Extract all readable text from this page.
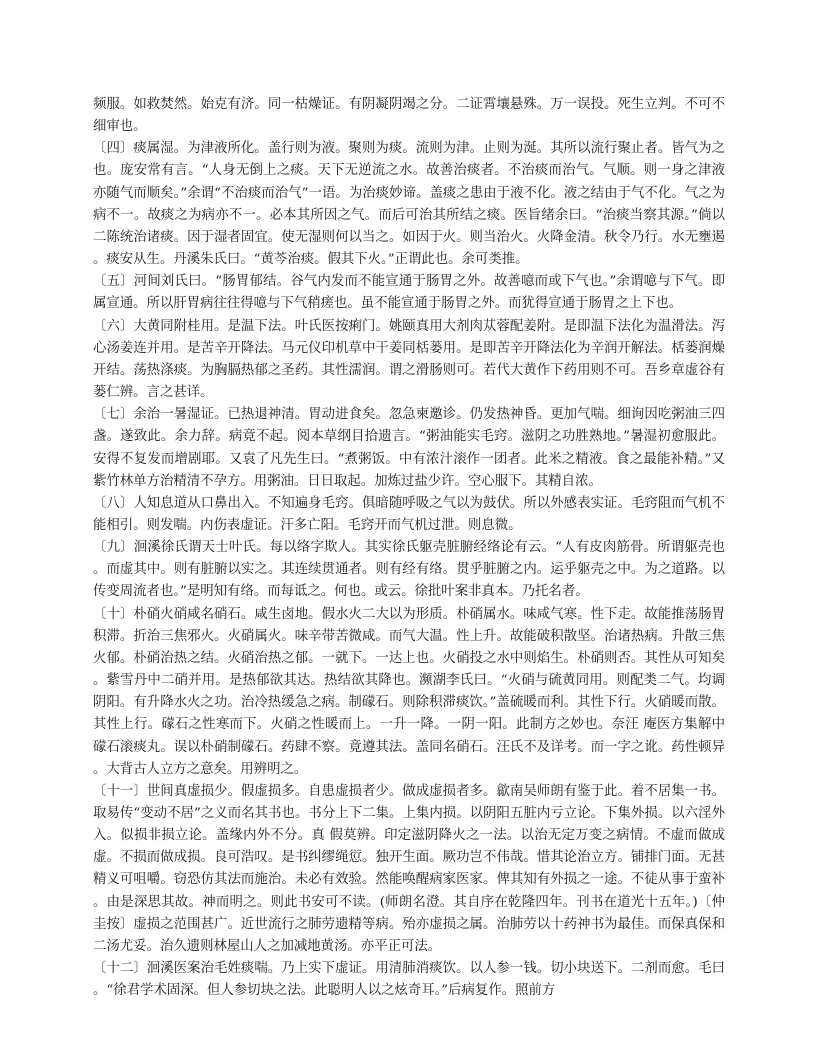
频服。如救焚然。始克有济。同一枯燥证。有阴凝阴竭之分。二证霄壤悬殊。万一误投。死生立判。不可不细审也。

〔四〕痰属湿。为津液所化。盖行则为液。聚则为痰。流则为津。止则为涎。其所以流行聚止者。皆气为之也。庞安常有言。“人身无倒上之痰。天下无逆流之水。故善治痰者。不治痰而治气。气顺。则一身之津液亦随气而顺矣。”余谓“不治痰而治气”一语。为治痰妙谛。盖痰之患由于液不化。液之结由于气不化。气之为病不一。故痰之为病亦不一。必本其所因之气。而后可治其所结之痰。医旨绪余曰。“治痰当察其源。”倘以二陈统治诸痰。因于湿者固宜。使无湿则何以当之。如因于火。则当治火。火降金清。秋令乃行。水无壅遏。痰安从生。丹溪朱氏曰。“黄芩治痰。假其下火。”正谓此也。余可类推。

〔五〕河间刘氏曰。“肠胃郁结。谷气内发而不能宣通于肠胃之外。故善噫而或下气也。”余谓噫与下气。即属宣通。所以肝胃病往往得噫与下气稍瘥也。虽不能宣通于肠胃之外。而犹得宣通于肠胃之上下也。

〔六〕大黄同附桂用。是温下法。叶氏医按痢门。姚颐真用大剂肉苁蓉配姜附。是即温下法化为温滑法。泻心汤姜连并用。是苦辛开降法。马元仪印机草中干姜同栝蒌用。是即苦辛开降法化为辛润开解法。栝蒌润燥开结。荡热涤痰。为胸膈热郁之圣药。其性濡润。谓之滑肠则可。若代大黄作下药用则不可。吾乡章虚谷有蒌仁辨。言之甚详。

〔七〕余治一暑湿证。已热退神清。胃动进食矣。忽急柬邀诊。仍发热神昏。更加气喘。细询因吃粥油三四盏。遂致此。余力辞。病竟不起。阅本草纲目拾遗言。“粥油能实毛窍。滋阴之功胜熟地。”暑湿初愈服此。安得不复发而增剧耶。又袁了凡先生曰。“煮粥饭。中有浓汁滚作一团者。此米之精液。食之最能补精。”又紫竹林单方治精清不孕方。用粥油。日日取起。加炼过盐少许。空心服下。其精自浓。

〔八〕人知息道从口鼻出入。不知遍身毛窍。俱暗随呼吸之气以为鼓伏。所以外感表实证。毛窍阻而气机不能相引。则发喘。内伤表虚证。汗多亡阳。毛窍开而气机过泄。则息微。

〔九〕洄溪徐氏谓天士叶氏。每以络字欺人。其实徐氏躯壳脏腑经络论有云。“人有皮肉筋骨。所谓躯壳也。而虚其中。则有脏腑以实之。其连续贯通者。则有经有络。贯乎脏腑之内。运乎躯壳之中。为之道路。以传变周流者也。”是明知有络。而每诋之。何也。或云。徐批叶案非真本。乃托名者。

〔十〕朴硝火硝咸名硝石。咸生卤地。假水火二大以为形质。朴硝属水。味咸气寒。性下走。故能推荡肠胃积滞。折治三焦邪火。火硝属火。味辛带苦微咸。而气大温。性上升。故能破积散坚。治诸热病。升散三焦火郁。朴硝治热之结。火硝治热之郁。一就下。一达上也。火硝投之水中则焰生。朴硝则否。其性从可知矣。紫雪丹中二硝并用。是热郁欲其达。热结欲其降也。濒湖李氏曰。“火硝与硫黄同用。则配类二气。均调阴阳。有升降水火之功。治冷热缓急之病。制礞石。则除积滞痰饮。”盖硫暖而利。其性下行。火硝暖而散。其性上行。礞石之性寒而下。火硝之性暖而上。一升一降。一阴一阳。此制方之妙也。奈汪 庵医方集解中礞石滚痰丸。误以朴硝制礞石。药肆不察。竟遵其法。盖同名硝石。汪氏不及详考。而一字之讹。药性顿异。大背古人立方之意矣。用辨明之。

〔十一〕世间真虚损少。假虚损多。自患虚损者少。做成虚损者多。歙南吴师朗有鉴于此。着不居集一书。取易传“变动不居”之义而名其书也。书分上下二集。上集内损。以阴阳五脏内亏立论。下集外损。以六淫外入。似损非损立论。盖缘内外不分。真 假莫辨。印定滋阴降火之一法。以治无定万变之病情。不虚而做成虚。不损而做成损。良可浩叹。是书纠缪绳愆。独开生面。厥功岂不伟哉。惜其论治立方。铺排门面。无甚精义可咀嚼。窃恐仿其法而施治。未必有效验。然能唤醒病家医家。俾其知有外损之一途。不徒从事于蛮补。由是深思其故。神而明之。则此书安可不读。(师朗名澄。其自序在乾隆四年。刊书在道光十五年。)〔仲圭按〕虚损之范围甚广。近世流行之肺劳遗精等病。殆亦虚损之属。治肺劳以十药神书为最佳。而保真保和二汤尤妥。治久遗则林屋山人之加减地黄汤。亦平正可法。

〔十二〕洄溪医案治毛姓痰喘。乃上实下虚证。用清肺消痰饮。以人参一钱。切小块送下。二剂而愈。毛曰。“徐君学术固深。但人参切块之法。此聪明人以之炫奇耳。”后病复作。照前方
